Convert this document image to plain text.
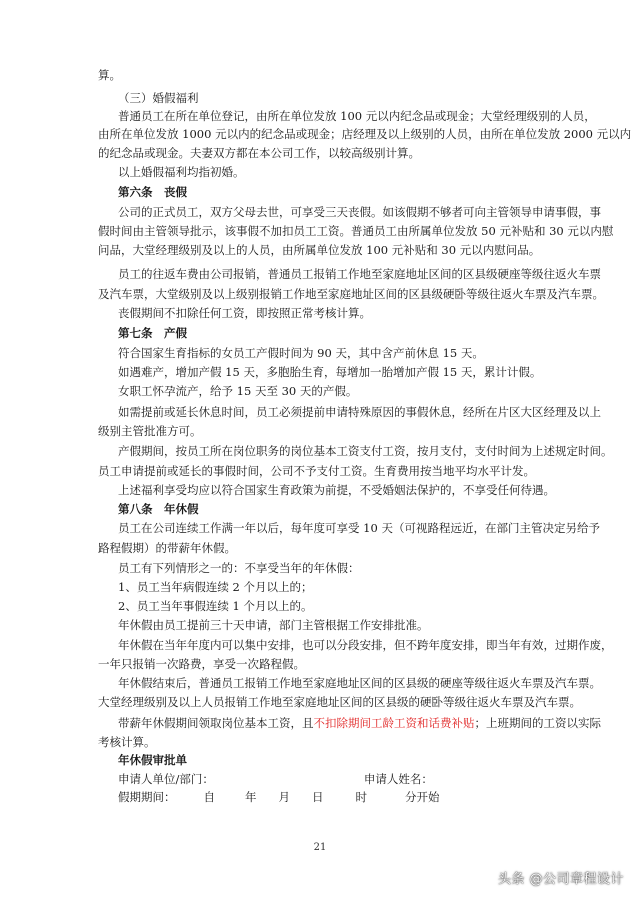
算。
（三）婚假福利
普通员工在所在单位登记，由所在单位发放 100 元以内纪念品或现金；大堂经理级别的人员，
由所在单位发放 1000 元以内的纪念品或现金；店经理及以上级别的人员，由所在单位发放 2000 元以内
的纪念品或现金。夫妻双方都在本公司工作，以较高级别计算。
以上婚假福利均指初婚。
第六条　丧假
公司的正式员工，双方父母去世，可享受三天丧假。如该假期不够者可向主管领导申请事假，事
假时间由主管领导批示，该事假不加扣员工工资。普通员工由所属单位发放 50 元补贴和 30 元以内慰
问品，大堂经理级别及以上的人员，由所属单位发放 100 元补贴和 30 元以内慰问品。
员工的往返车费由公司报销，普通员工报销工作地至家庭地址区间的区县级硬座等级往返火车票
及汽车票，大堂级别及以上级别报销工作地至家庭地址区间的区县级硬卧等级往返火车票及汽车票。
丧假期间不扣除任何工资，即按照正常考核计算。
第七条　产假
符合国家生育指标的女员工产假时间为 90 天，其中含产前休息 15 天。
如遇难产，增加产假 15 天，多胞胎生育，每增加一胎增加产假 15 天，累计计假。
女职工怀孕流产，给予 15 天至 30 天的产假。
如需提前或延长休息时间，员工必须提前申请特殊原因的事假休息，经所在片区大区经理及以上
级别主管批准方可。
产假期间，按员工所在岗位职务的岗位基本工资支付工资，按月支付，支付时间为上述规定时间。
员工申请提前或延长的事假时间，公司不予支付工资。生育费用按当地平均水平计发。
上述福利享受均应以符合国家生育政策为前提，不受婚姻法保护的，不享受任何待遇。
第八条　年休假
员工在公司连续工作满一年以后，每年度可享受 10 天（可视路程远近，在部门主管决定另给予
路程假期）的带薪年休假。
员工有下列情形之一的：不享受当年的年休假：
1、员工当年病假连续 2 个月以上的；
2、员工当年事假连续 1 个月以上的。
年休假由员工提前三十天申请，部门主管根据工作安排批准。
年休假在当年年度内可以集中安排，也可以分段安排，但不跨年度安排，即当年有效，过期作废，
一年只报销一次路费，享受一次路程假。
年休假结束后，普通员工报销工作地至家庭地址区间的区县级的硬座等级往返火车票及汽车票。
大堂经理级别及以上人员报销工作地至家庭地址区间的区县级的硬卧等级往返火车票及汽车票。
带薪年休假期间领取岗位基本工资，且不扣除期间工龄工资和话费补贴；上班期间的工资以实际
考核计算。
年休假审批单
申请人单位/部门：	申请人姓名：
假期期间： 自	年 月 日	时	分开始
21
头条 @公司章程设计
